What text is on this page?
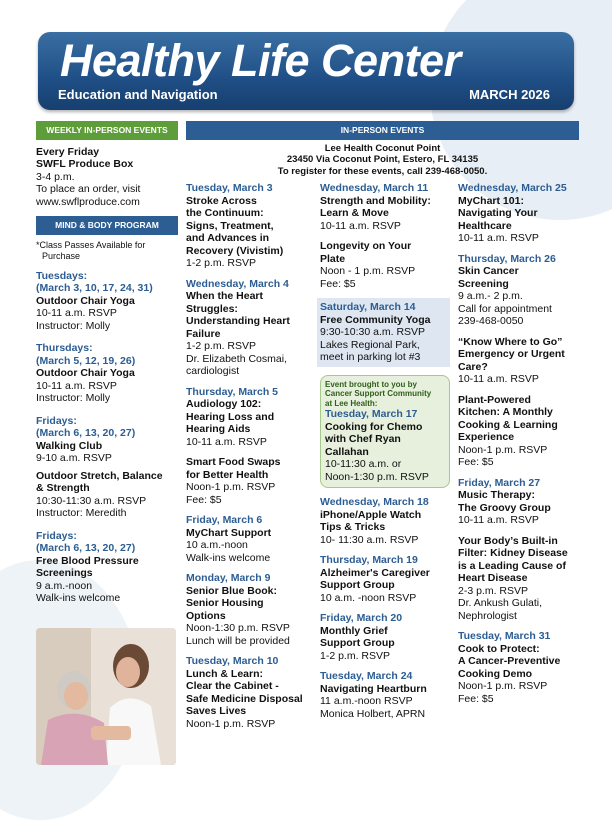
Healthy Life Center
Education and Navigation	MARCH 2026
WEEKLY IN-PERSON EVENTS
Every Friday
SWFL Produce Box
3-4 p.m.
To place an order, visit
www.swflproduce.com
MIND & BODY PROGRAM
*Class Passes Available for
Purchase
Tuesdays:
(March 3, 10, 17, 24, 31)
Outdoor Chair Yoga
10-11 a.m. RSVP
Instructor: Molly
Thursdays:
(March 5, 12, 19, 26)
Outdoor Chair Yoga
10-11 a.m. RSVP
Instructor: Molly
Fridays:
(March 6, 13, 20, 27)
Walking Club
9-10 a.m. RSVP
Outdoor Stretch, Balance
& Strength
10:30-11:30 a.m. RSVP
Instructor: Meredith
Fridays:
(March 6, 13, 20, 27)
Free Blood Pressure
Screenings
9 a.m.-noon
Walk-ins welcome
IN-PERSON EVENTS
Lee Health Coconut Point
23450 Via Coconut Point, Estero, FL 34135
To register for these events, call 239-468-0050.
Tuesday, March 3
Stroke Across
the Continuum:
Signs, Treatment,
and Advances in
Recovery (Vivistim)
1-2 p.m. RSVP
Wednesday, March 4
When the Heart
Struggles:
Understanding Heart
Failure
1-2 p.m. RSVP
Dr. Elizabeth Cosmai,
cardiologist
Thursday, March 5
Audiology 102:
Hearing Loss and
Hearing Aids
10-11 a.m. RSVP
Smart Food Swaps
for Better Health
Noon-1 p.m. RSVP
Fee: $5
Friday, March 6
MyChart Support
10 a.m.-noon
Walk-ins welcome
Monday, March 9
Senior Blue Book:
Senior Housing
Options
Noon-1:30 p.m. RSVP
Lunch will be provided
Tuesday, March 10
Lunch & Learn:
Clear the Cabinet -
Safe Medicine Disposal
Saves Lives
Noon-1 p.m. RSVP
Wednesday, March 11
Strength and Mobility:
Learn & Move
10-11 a.m. RSVP
Longevity on Your
Plate
Noon - 1 p.m. RSVP
Fee: $5
Saturday, March 14
Free Community Yoga
9:30-10:30 a.m. RSVP
Lakes Regional Park,
meet in parking lot #3
Event brought to you by
Cancer Support Community
at Lee Health:
Tuesday, March 17
Cooking for Chemo
with Chef Ryan
Callahan
10-11:30 a.m. or
Noon-1:30 p.m. RSVP
Wednesday, March 18
iPhone/Apple Watch
Tips & Tricks
10- 11:30 a.m. RSVP
Thursday, March 19
Alzheimer's Caregiver
Support Group
10 a.m. -noon RSVP
Friday, March 20
Monthly Grief
Support Group
1-2 p.m. RSVP
Tuesday, March 24
Navigating Heartburn
11 a.m.-noon RSVP
Monica Holbert, APRN
Wednesday, March 25
MyChart 101:
Navigating Your
Healthcare
10-11 a.m. RSVP
Thursday, March 26
Skin Cancer
Screening
9 a.m.- 2 p.m.
Call for appointment
239-468-0050
“Know Where to Go”
Emergency or Urgent
Care?
10-11 a.m. RSVP
Plant-Powered
Kitchen: A Monthly
Cooking & Learning
Experience
Noon-1 p.m. RSVP
Fee: $5
Friday, March 27
Music Therapy:
The Groovy Group
10-11 a.m. RSVP
Your Body’s Built-in
Filter: Kidney Disease
is a Leading Cause of
Heart Disease
2-3 p.m. RSVP
Dr. Ankush Gulati,
Nephrologist
Tuesday, March 31
Cook to Protect:
A Cancer-Preventive
Cooking Demo
Noon-1 p.m. RSVP
Fee: $5
